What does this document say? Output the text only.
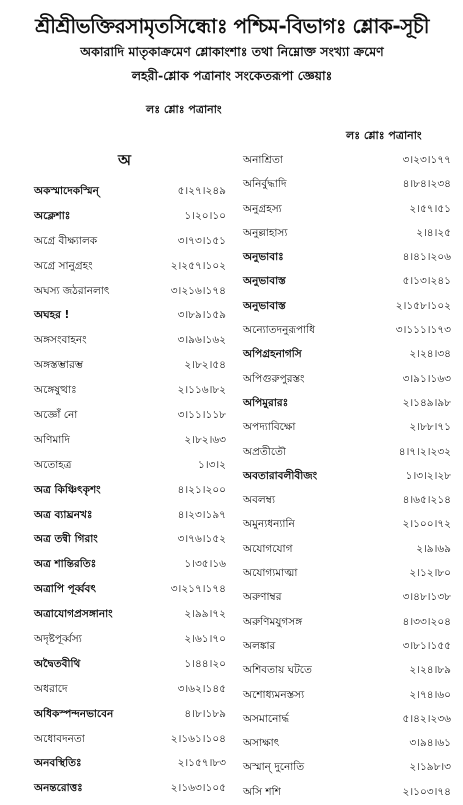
শ্রীশ্রীভক্তিরসামৃতসিন্ধোঃ পশ্চিম-বিভাগঃ শ্লোক-সূচী
অকারাদি মাতৃকাক্রমেণ শ্লোকাংশাঃ তথা নিম্নোক্ত সংখ্যা ক্রমেণ
লহরী-শ্লোক পত্রানাং সংকেতরূপা জ্ঞেয়াঃ
লঃ শ্লোঃ পত্রানাং
লঃ শ্লোঃ পত্রানাং
অ
অকস্মাদেকস্মিন্	৫।২৭।২৪৯
অক্লেশাঃ	১।২০।১০
অগ্রে বীক্ষ্যালক	৩।৭৩।১৫১
অগ্রে সানুগ্রহং	২।২৫৭।১০২
অঘস্য জঠরানলাৎ	৩।২১৬।১৭৪
অঘহর !	৩।৮৯।১৫৯
অঙ্গসংবাহনং	৩।৯৬।১৬২
অঙ্গস্তম্ভারম্ভ	২।৮২।৫৪
অঙ্গেষুত্থাঃ	২।১১৬।৮২
অজ্ঞোঁ নো	৩।১১।১১৮
অণিমাদি	২।৮২।৬৩
অতোহত্র	১।৩।২
অত্র কিঞ্চিৎকৃশং	৪।২১।২০০
অত্র ব্যাঘ্রনখঃ	৪।২৩।১৯৭
অত্র তন্বী গিরাং	৩।৭৬।১৫২
অত্র শান্তিরতিঃ	১।৩৫।১৬
অত্রাপি পূর্ব্ববৎ	৩।২১৭।১৭৪
অত্রাযোগপ্রসঙ্গানাং	২।৯৯।৭২
অদৃষ্টপূর্ব্বস্য	২।৬১।৭০
অদ্বৈতবীথি	১।৪৪।২০
অধরাদে	৩।৬২।১৪৫
অধিকস্পন্দনভাবেন	৪।৮।১৮৯
অধোবদনতা	২।১৬১।১০৪
অনবস্থিতিঃ	২।১৫৭।৮৩
অনন্তরোত্তঃ	২।১৬৩।১০৫
অনাশ্রিতা	৩।২৩।১৭৭
অনির্বুদ্ধাদি	৪।৮৪।২৩৪
অনুগ্রহস্য	২।৫৭।৫১
অনুল্লাহাস্য	২।৪।২৫
অনুভাবাঃ	৪।৪১।২০৬
অনুভাবাস্ত	৫।১৩।২৪১
অনুভাবাস্ত	২।১৫৮।১০২
অন্যোতদনুরূপাধি	৩।১১১।১৭৩
অপিগ্রহনাগসি	২।২৪।৩৪
অপিগুরুপুরস্তং	৩।৯১।১৬৩
অপিমুরারঃ	২।১৪৯।৯৮
অপদ্যাবিক্ষো	২।৮৮।৭১
অপ্রতীতৌ	৪।৭।২।২৩২
অবতারাবলীবীজং	১।৩।২।২৮
অবলম্ব্য	৪।৬৫।২১৪
অমুন্যধন্যানি	২।১০০।৭২
অযোগযোগ	২।৯।৬৯
অযোগ্যমাত্মা	২।১২।৮০
অরুণাম্বর	৩।৪৮।১৩৮
অরুণিমযুগসঙ্গ	৪।৩৩।২০৪
অলঙ্কার	৩।৮১।১৫৫
অশিবতায় ঘটতে	২।২৪।৮৯
অশোধ্যমনস্তস্য	২।৭৪।৬০
অসমানোৰ্দ্ধ	৫।৪২।২৩৬
অসাক্ষাৎ	৩।৯৪।৬১
অস্মান্ দুনোতি	২।১৯৮।৩
অসি শশি	২।১০৩।৭৪
